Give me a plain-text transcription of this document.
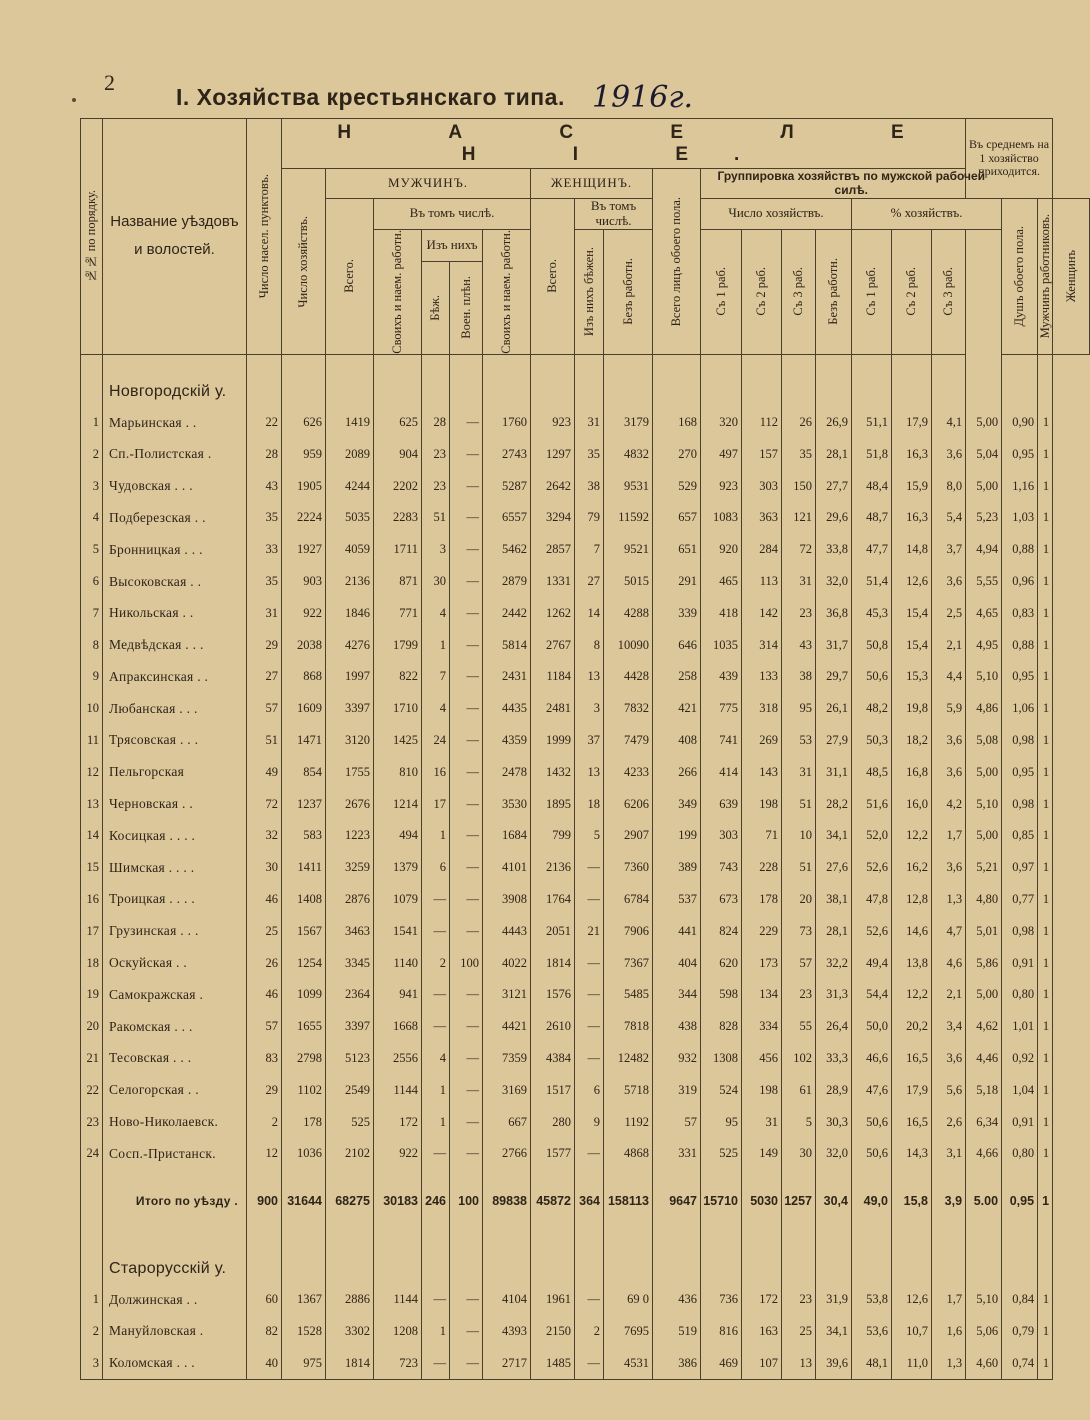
2
I. Хозяйства крестьянскаго типа. 1916г.
№№ по порядку.	Название уѣздовъ и волостей.	Число насел. пунктовъ.	Н А С Е Л Е Н І Е.																	Въ среднемъ на 1 хозяйство приходится.			

			Число хозяйствъ.	МУЖЧИНЪ.					ЖЕНЩИНЪ.			Всего лицъ обоего пола.	Группировка хозяйствъ по мужской рабочей силѣ.										

				Всего.	Въ томъ числѣ.				Всего.	Въ томъ числѣ.			Число хозяйствъ.				% хозяйствъ.				Душъ обоего пола.	Мужчинъ работниковъ.	Женщинъ

					Своихъ и наем. работн.	Изъ нихъ		Своихъ и наем. работн.		Изъ нихъ бѣжен.	Безъ работн.		Съ 1 раб.	Съ 2 раб.	Съ 3 раб.	Безъ работн.	Съ 1 раб.	Съ 2 раб.	Съ 3 раб.				

						Бѣж.	Воен. плѣн.																

	Новгородскій у.																						
1	Марьинская . .	22	626	1419	625	28	—	1760	923	31	3179	168	320	112	26	26,9	51,1	17,9	4,1	5,00	0,90	1	
2	Сп.-Полистская .	28	959	2089	904	23	—	2743	1297	35	4832	270	497	157	35	28,1	51,8	16,3	3,6	5,04	0,95	1	
3	Чудовская . . .	43	1905	4244	2202	23	—	5287	2642	38	9531	529	923	303	150	27,7	48,4	15,9	8,0	5,00	1,16	1	
4	Подберезская . .	35	2224	5035	2283	51	—	6557	3294	79	11592	657	1083	363	121	29,6	48,7	16,3	5,4	5,23	1,03	1	
5	Бронницкая . . .	33	1927	4059	1711	3	—	5462	2857	7	9521	651	920	284	72	33,8	47,7	14,8	3,7	4,94	0,88	1	
6	Высоковская . .	35	903	2136	871	30	—	2879	1331	27	5015	291	465	113	31	32,0	51,4	12,6	3,6	5,55	0,96	1	
7	Никольская . .	31	922	1846	771	4	—	2442	1262	14	4288	339	418	142	23	36,8	45,3	15,4	2,5	4,65	0,83	1	
8	Медвѣдская . . .	29	2038	4276	1799	1	—	5814	2767	8	10090	646	1035	314	43	31,7	50,8	15,4	2,1	4,95	0,88	1	
9	Апраксинская . .	27	868	1997	822	7	—	2431	1184	13	4428	258	439	133	38	29,7	50,6	15,3	4,4	5,10	0,95	1	
10	Любанская . . .	57	1609	3397	1710	4	—	4435	2481	3	7832	421	775	318	95	26,1	48,2	19,8	5,9	4,86	1,06	1	
11	Трясовская . . .	51	1471	3120	1425	24	—	4359	1999	37	7479	408	741	269	53	27,9	50,3	18,2	3,6	5,08	0,98	1	
12	Пельгорская	49	854	1755	810	16	—	2478	1432	13	4233	266	414	143	31	31,1	48,5	16,8	3,6	5,00	0,95	1	
13	Черновская . .	72	1237	2676	1214	17	—	3530	1895	18	6206	349	639	198	51	28,2	51,6	16,0	4,2	5,10	0,98	1	
14	Косицкая . . . .	32	583	1223	494	1	—	1684	799	5	2907	199	303	71	10	34,1	52,0	12,2	1,7	5,00	0,85	1	
15	Шимская . . . .	30	1411	3259	1379	6	—	4101	2136	—	7360	389	743	228	51	27,6	52,6	16,2	3,6	5,21	0,97	1	
16	Троицкая . . . .	46	1408	2876	1079	—	—	3908	1764	—	6784	537	673	178	20	38,1	47,8	12,8	1,3	4,80	0,77	1	
17	Грузинская . . .	25	1567	3463	1541	—	—	4443	2051	21	7906	441	824	229	73	28,1	52,6	14,6	4,7	5,01	0,98	1	
18	Оскуйская . .	26	1254	3345	1140	2	100	4022	1814	—	7367	404	620	173	57	32,2	49,4	13,8	4,6	5,86	0,91	1	
19	Самокражская .	46	1099	2364	941	—	—	3121	1576	—	5485	344	598	134	23	31,3	54,4	12,2	2,1	5,00	0,80	1	
20	Ракомская . . .	57	1655	3397	1668	—	—	4421	2610	—	7818	438	828	334	55	26,4	50,0	20,2	3,4	4,62	1,01	1	
21	Тесовская . . .	83	2798	5123	2556	4	—	7359	4384	—	12482	932	1308	456	102	33,3	46,6	16,5	3,6	4,46	0,92	1	
22	Селогорская . .	29	1102	2549	1144	1	—	3169	1517	6	5718	319	524	198	61	28,9	47,6	17,9	5,6	5,18	1,04	1	
23	Ново-Николаевск.	2	178	525	172	1	—	667	280	9	1192	57	95	31	5	30,3	50,6	16,5	2,6	6,34	0,91	1	
24	Сосп.-Пристанск.	12	1036	2102	922	—	—	2766	1577	—	4868	331	525	149	30	32,0	50,6	14,3	3,1	4,66	0,80	1	
	Итого по уѣзду .	900	31644	68275	30183	246	100	89838	45872	364	158113	9647	15710	5030	1257	30,4	49,0	15,8	3,9	5.00	0,95	1	
	Старорусскій у.																						
1	Должинская . .	60	1367	2886	1144	—	—	4104	1961	—	69 0	436	736	172	23	31,9	53,8	12,6	1,7	5,10	0,84	1	
2	Мануйловская .	82	1528	3302	1208	1	—	4393	2150	2	7695	519	816	163	25	34,1	53,6	10,7	1,6	5,06	0,79	1	
3	Коломская . . .	40	975	1814	723	—	—	2717	1485	—	4531	386	469	107	13	39,6	48,1	11,0	1,3	4,60	0,74	1	
